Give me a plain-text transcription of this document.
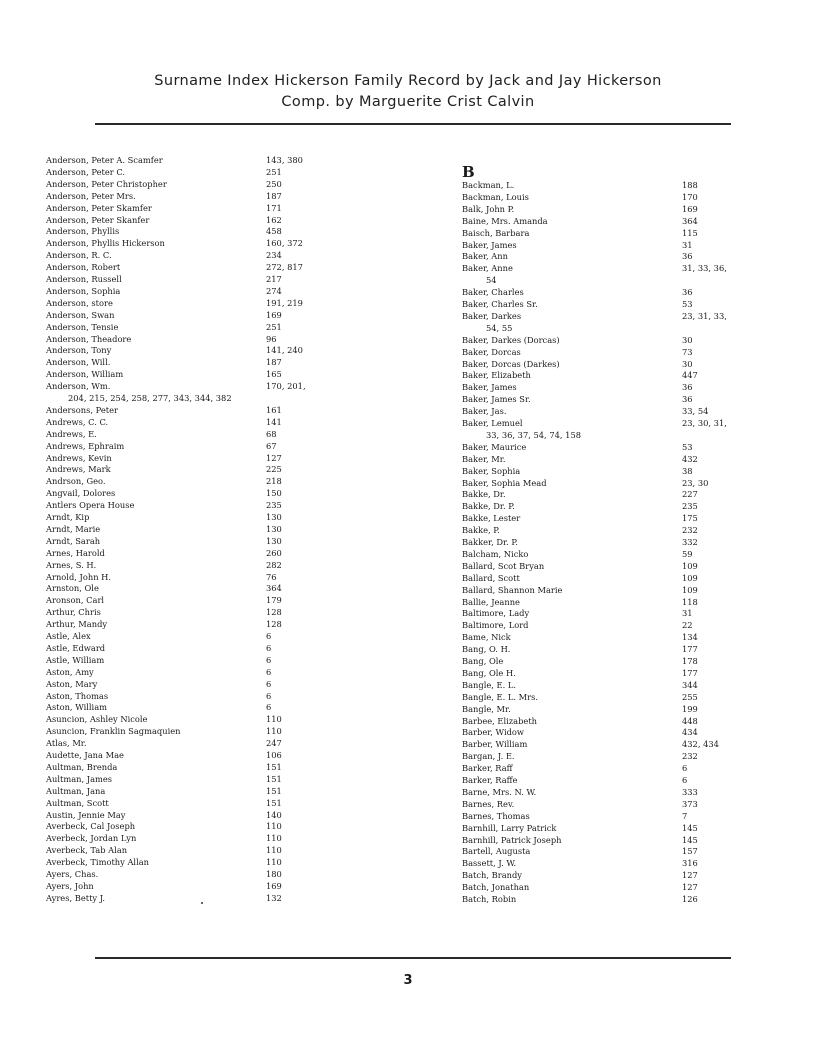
Surname Index Hickerson Family Record by Jack and Jay Hickerson
Comp. by Marguerite Crist Calvin
Anderson, Peter A. Scamfer	143, 380
Anderson, Peter C.	251
Anderson, Peter Christopher	250
Anderson, Peter Mrs.	187
Anderson, Peter Skamfer	171
Anderson, Peter Skanfer	162
Anderson, Phyllis	458
Anderson, Phyllis Hickerson	160, 372
Anderson, R. C.	234
Anderson, Robert	272, 817
Anderson, Russell	217
Anderson, Sophia	274
Anderson, store	191, 219
Anderson, Swan	169
Anderson, Tensie	251
Anderson, Theadore	96
Anderson, Tony	141, 240
Anderson, Will.	187
Anderson, William	165
Anderson, Wm.	170, 201,
204, 215, 254, 258, 277, 343, 344, 382
Andersons, Peter	161
Andrews, C. C.	141
Andrews, E.	68
Andrews, Ephraim	67
Andrews, Kevin	127
Andrews, Mark	225
Andrson, Geo.	218
Angvail, Dolores	150
Antlers Opera House	235
Arndt, Kip	130
Arndt, Marie	130
Arndt, Sarah	130
Arnes, Harold	260
Arnes, S. H.	282
Arnold, John H.	76
Arnston, Ole	364
Aronson, Carl	179
Arthur, Chris	128
Arthur, Mandy	128
Astle, Alex	6
Astle, Edward	6
Astle, William	6
Aston, Amy	6
Aston, Mary	6
Aston, Thomas	6
Aston, William	6
Asuncion, Ashley Nicole	110
Asuncion, Franklin Sagmaquien	110
Atlas, Mr.	247
Audette, Jana Mae	106
Aultman, Brenda	151
Aultman, James	151
Aultman, Jana	151
Aultman, Scott	151
Austin, Jennie May	140
Averbeck, Cal Joseph	110
Averbeck, Jordan Lyn	110
Averbeck, Tab Alan	110
Averbeck, Timothy Allan	110
Ayers, Chas.	180
Ayers, John	169
Ayres, Betty J.	132
B
Backman, L.	188
Backman, Louis	170
Balk, John P.	169
Baine, Mrs. Amanda	364
Baisch, Barbara	115
Baker, James	31
Baker, Ann	36
Baker, Anne	31, 33, 36,
54
Baker, Charles	36
Baker, Charles Sr.	53
Baker, Darkes	23, 31, 33,
54, 55
Baker, Darkes (Dorcas)	30
Baker, Dorcas	73
Baker, Dorcas (Darkes)	30
Baker, Elizabeth	447
Baker, James	36
Baker, James Sr.	36
Baker, Jas.	33, 54
Baker, Lemuel	23, 30, 31,
33, 36, 37, 54, 74, 158
Baker, Maurice	53
Baker, Mr.	432
Baker, Sophia	38
Baker, Sophia Mead	23, 30
Bakke, Dr.	227
Bakke, Dr. P.	235
Bakke, Lester	175
Bakke, P.	232
Bakker, Dr. P.	332
Balcham, Nicko	59
Ballard, Scot Bryan	109
Ballard, Scott	109
Ballard, Shannon Marie	109
Ballie, Jeanne	118
Baltimore, Lady	31
Baltimore, Lord	22
Bame, Nick	134
Bang, O. H.	177
Bang, Ole	178
Bang, Ole H.	177
Bangle, E. L.	344
Bangle, E. L. Mrs.	255
Bangle, Mr.	199
Barbee, Elizabeth	448
Barber, Widow	434
Barber, William	432, 434
Bargan, J. E.	232
Barker, Raff	6
Barker, Raffe	6
Barne, Mrs. N. W.	333
Barnes, Rev.	373
Barnes, Thomas	7
Barnhill, Larry Patrick	145
Barnhill, Patrick Joseph	145
Bartell, Augusta	157
Bassett, J. W.	316
Batch, Brandy	127
Batch, Jonathan	127
Batch, Robin	126
3
